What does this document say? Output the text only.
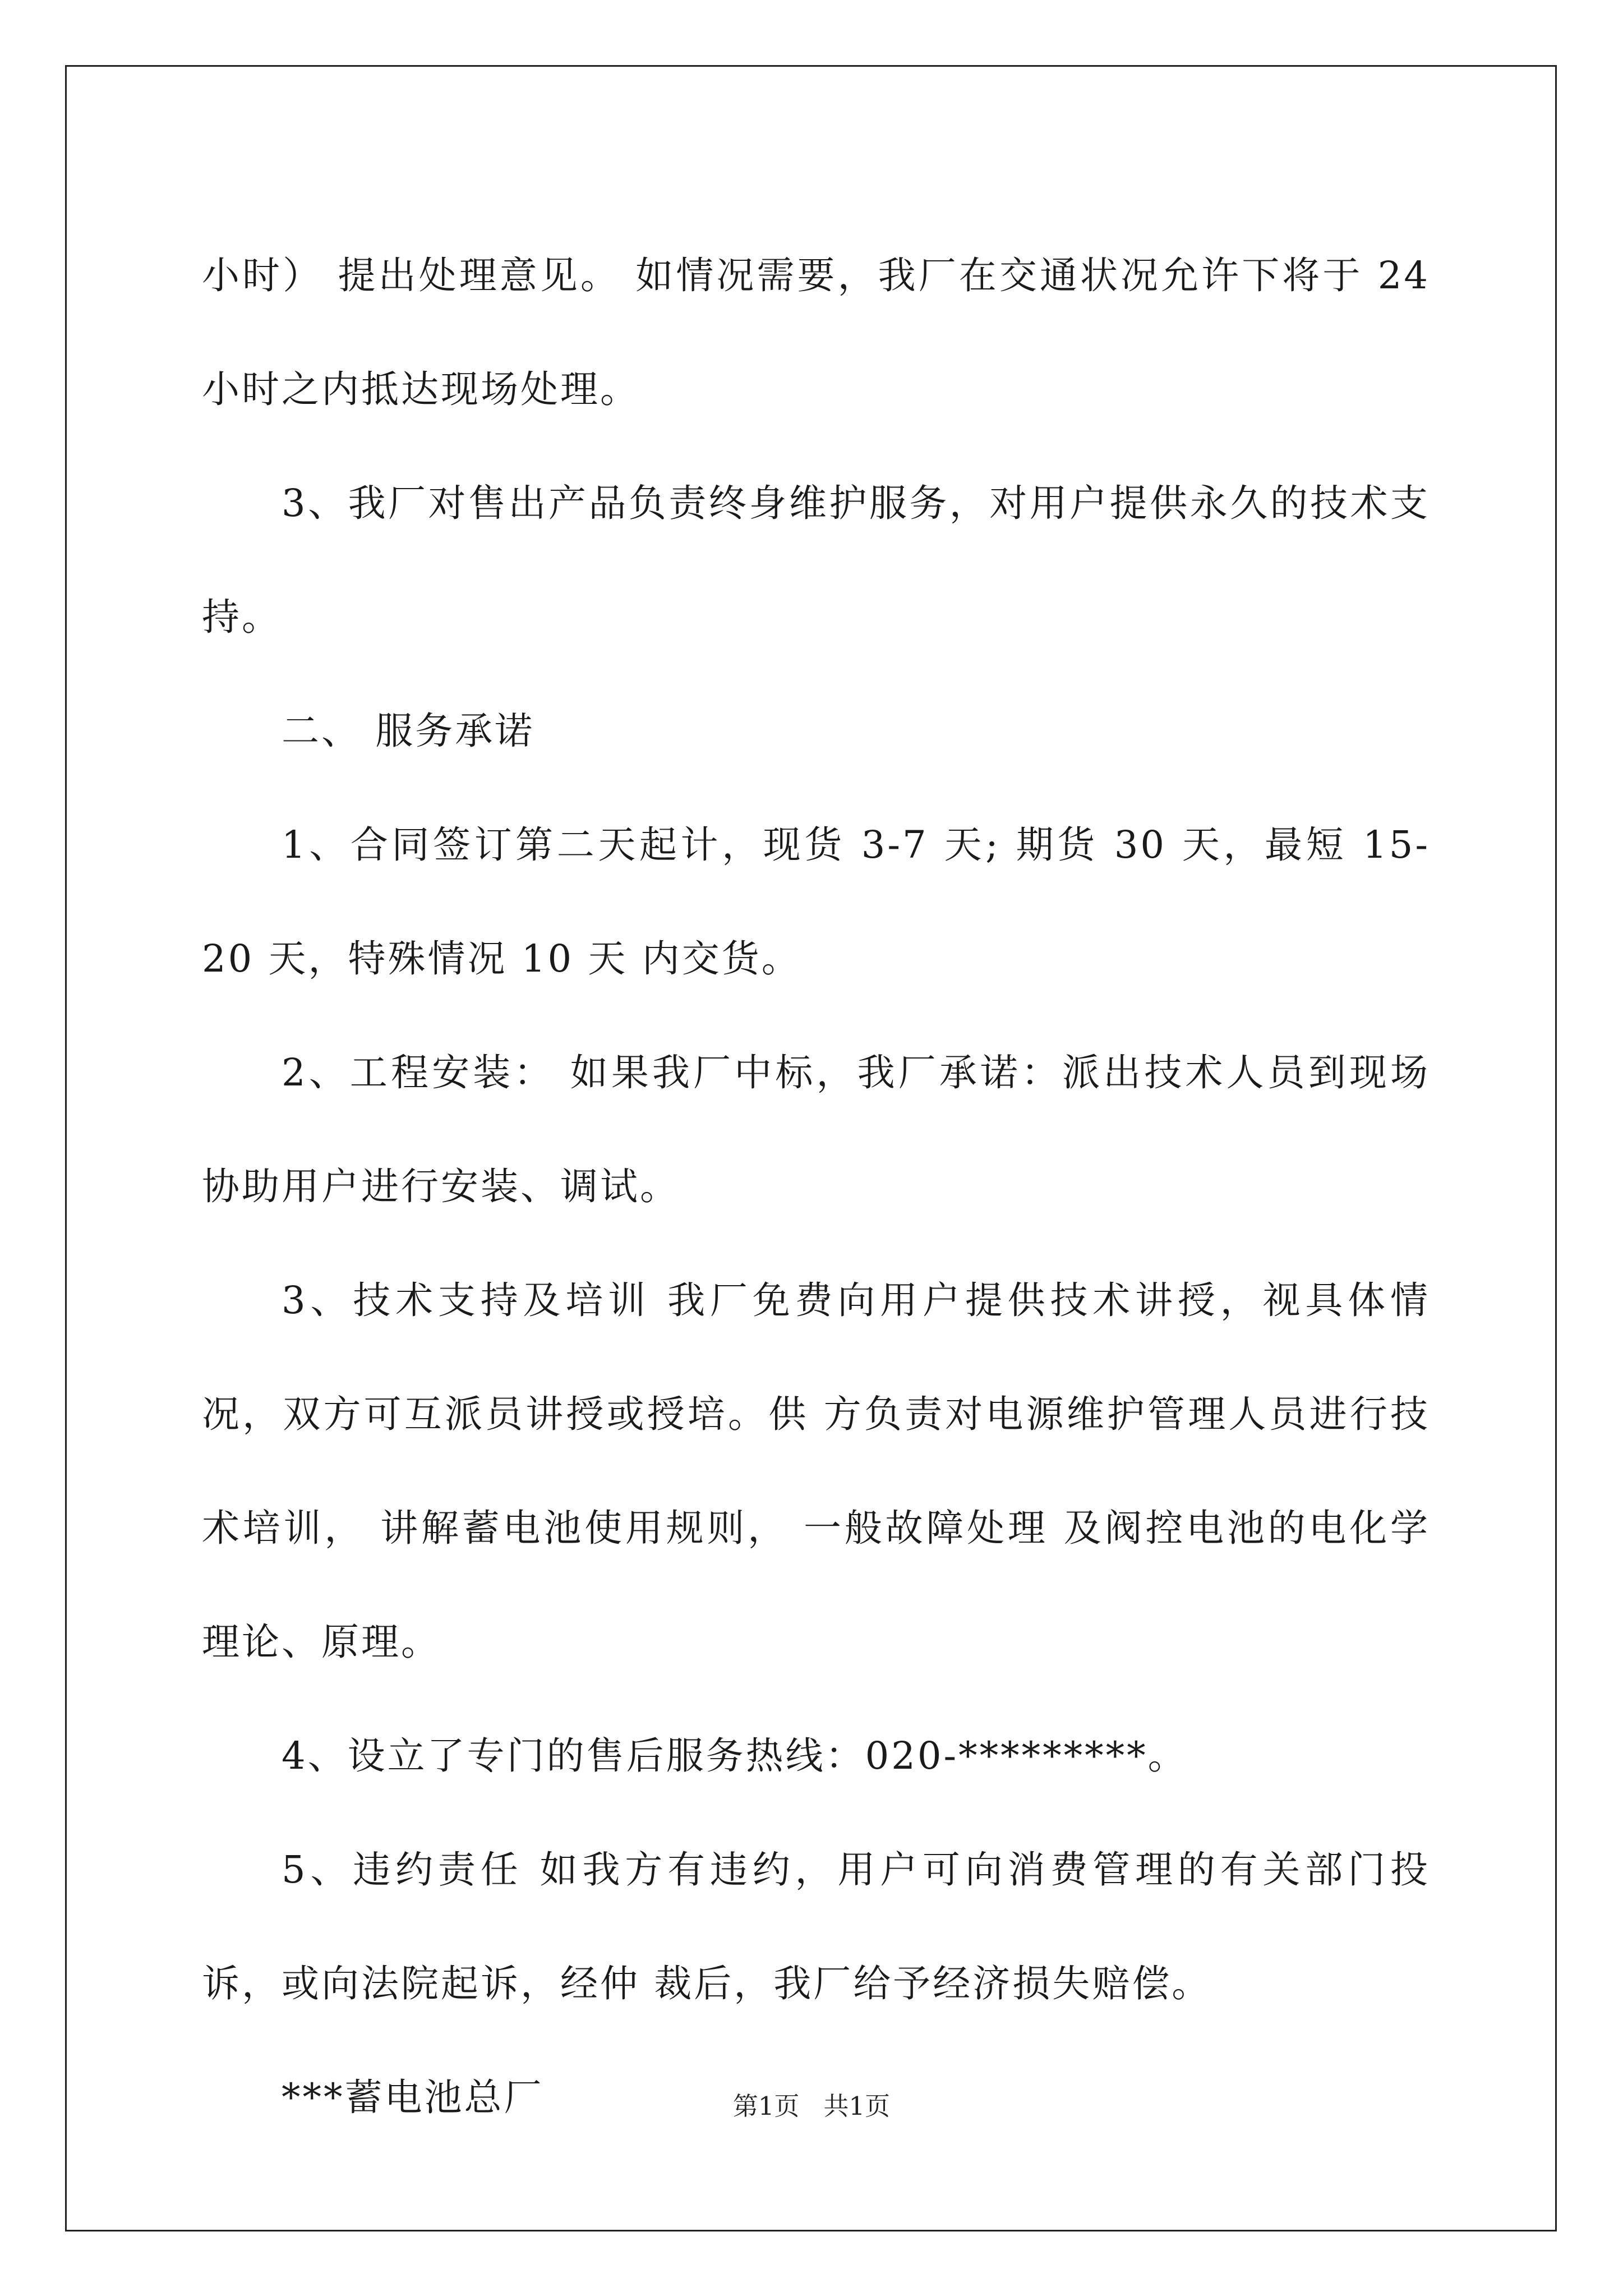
小时） 提出处理意见。 如情况需要，我厂在交通状况允许下将于 24 小时之内抵达现场处理。

3、我厂对售出产品负责终身维护服务，对用户提供永久的技术支持。

二、 服务承诺

1、合同签订第二天起计，现货 3-7 天; 期货 30 天，最短 15-20 天，特殊情况 10 天 内交货。

2、工程安装： 如果我厂中标，我厂承诺：派出技术人员到现场协助用户进行安装、调试。

3、技术支持及培训 我厂免费向用户提供技术讲授，视具体情况，双方可互派员讲授或授培。供 方负责对电源维护管理人员进行技术培训， 讲解蓄电池使用规则， 一般故障处理 及阀控电池的电化学理论、原理。

4、设立了专门的售后服务热线：020-*********。

5、违约责任 如我方有违约，用户可向消费管理的有关部门投诉，或向法院起诉，经仲 裁后，我厂给予经济损失赔偿。

***蓄电池总厂	第1页   共1页
